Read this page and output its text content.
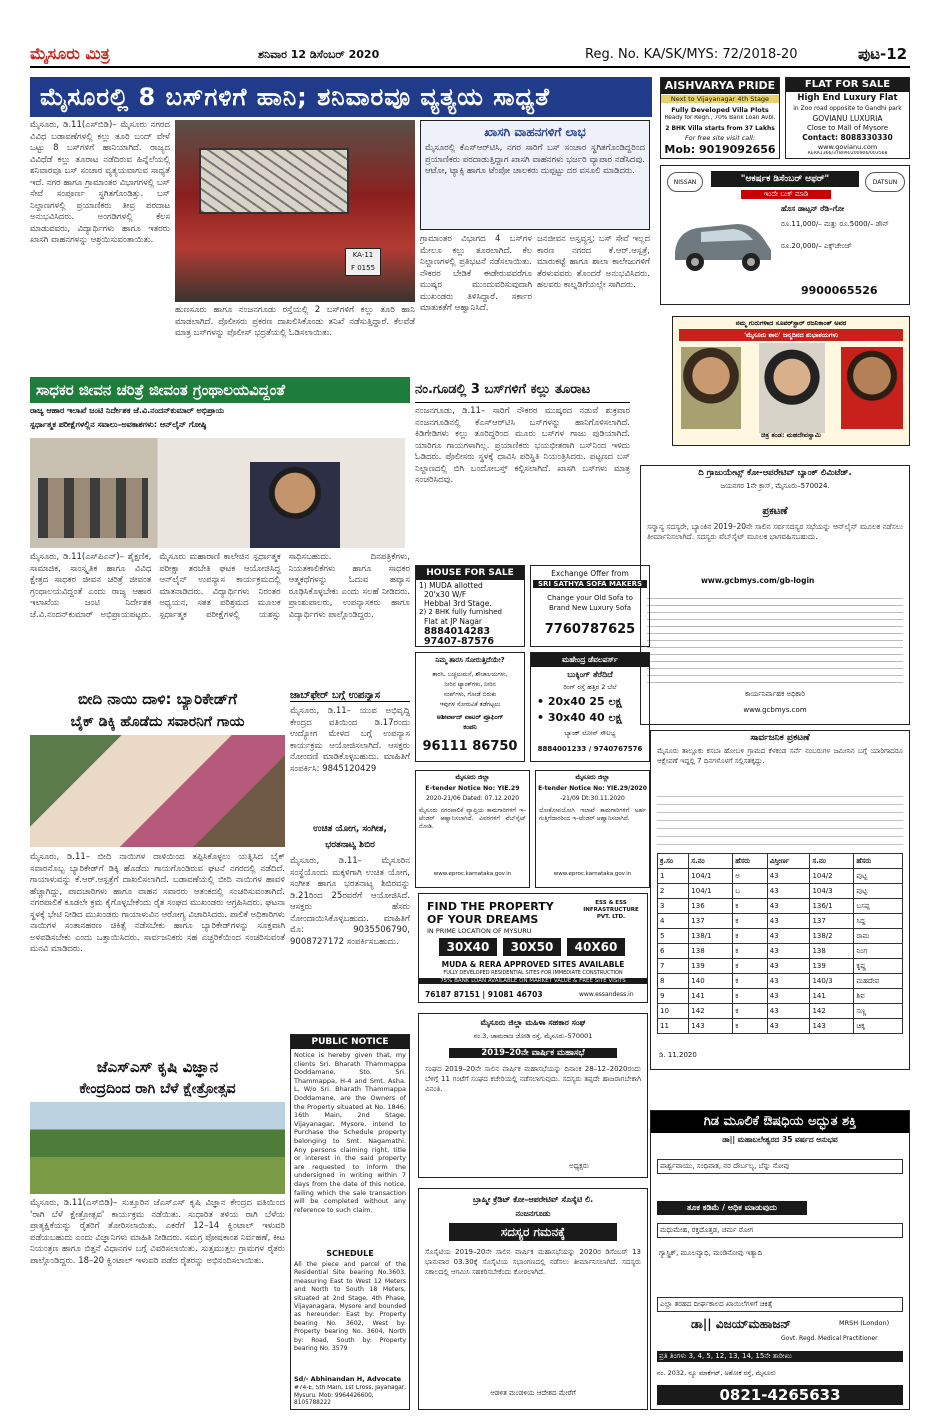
ಮೈಸೂರು ಮಿತ್ರ	ಶನಿವಾರ 12 ಡಿಸೆಂಬರ್ 2020	Reg. No. KA/SK/MYS: 72/2018-20	ಪುಟ-12
ಮೈಸೂರಲ್ಲಿ 8 ಬಸ್‌ಗಳಿಗೆ ಹಾನಿ; ಶನಿವಾರವೂ ವ್ಯತ್ಯಯ ಸಾಧ್ಯತೆ

ಮೈಸೂರು, ಡಿ.11(ಎಸ್‌ಬಿಡಿ)– ಮೈಸೂರು ನಗರದ ವಿವಿಧ ಬಡಾವಣೆಗಳಲ್ಲಿ ಕಲ್ಲು ತೂರಿ ಬಂದ್ ವೇಳೆ ಒಟ್ಟು 8 ಬಸ್‌ಗಳಿಗೆ ಹಾನಿಯಾಗಿದೆ. ರಾಜ್ಯದ ವಿವಿಧೆಡೆ ಕಲ್ಲು ತೂರಾಟ ನಡೆದಿರುವ ಹಿನ್ನೆಲೆಯಲ್ಲಿ ಶನಿವಾರವೂ ಬಸ್ ಸಂಚಾರ ವ್ಯತ್ಯಯವಾಗುವ ಸಾಧ್ಯತೆ ಇದೆ. ನಗರ ಹಾಗೂ ಗ್ರಾಮಾಂತರ ವಿಭಾಗಗಳಲ್ಲಿ ಬಸ್ ಸೇವೆ ಸಂಪೂರ್ಣ ಸ್ಥಗಿತಗೊಂಡಿತ್ತು. ಬಸ್ ನಿಲ್ದಾಣಗಳಲ್ಲಿ ಪ್ರಯಾಣಿಕರು ತೀವ್ರ ಪರದಾಟ ಅನುಭವಿಸಿದರು. ಅಂಗಡಿಗಳಲ್ಲಿ ಕೆಲಸ ಮಾಡುವವರು, ವಿದ್ಯಾರ್ಥಿಗಳು ಹಾಗೂ ಇತರರು ಖಾಸಗಿ ವಾಹನಗಳನ್ನು ಆಶ್ರಯಿಸುವಂತಾಯಿತು.

KA-11
F 0155

ಹುಣಸೂರು ಹಾಗೂ ನಂಜನಗೂಡು ರಸ್ತೆಯಲ್ಲಿ 2 ಬಸ್‌ಗಳಿಗೆ ಕಲ್ಲು ತೂರಿ ಹಾನಿ ಮಾಡಲಾಗಿದೆ. ಪೊಲೀಸರು ಪ್ರಕರಣ ದಾಖಲಿಸಿಕೊಂಡು ತನಿಖೆ ನಡೆಸುತ್ತಿದ್ದಾರೆ. ಕೆಲವೆಡೆ ಮಾತ್ರ ಬಸ್‌ಗಳನ್ನು ಪೊಲೀಸ್ ಭದ್ರತೆಯಲ್ಲಿ ಓಡಿಸಲಾಯಿತು.

ಖಾಸಗಿ ವಾಹನಗಳಿಗೆ ಲಾಭ
ಮೈಸೂರಲ್ಲಿ ಕೆಎಸ್‌ಆರ್‌ಟಿಸಿ, ನಗರ ಸಾರಿಗೆ ಬಸ್ ಸಂಚಾರ ಸ್ಥಗಿತಗೊಂಡಿದ್ದರಿಂದ ಪ್ರಯಾಣಿಕರು ಪರದಾಡುತ್ತಿದ್ದಾಗ ಖಾಸಗಿ ವಾಹನಗಳು ಭರ್ಜರಿ ವ್ಯಾಪಾರ ನಡೆಸಿದವು. ಆಟೋ, ಟ್ಯಾಕ್ಸಿ ಹಾಗೂ ಟೆಂಪೋ ಚಾಲಕರು ದುಪ್ಪಟ್ಟು ದರ ವಸೂಲಿ ಮಾಡಿದರು.

ಗ್ರಾಮಾಂತರ ವಿಭಾಗದ 4 ಬಸ್‌ಗಳ ಮೇಲೂ ಕಲ್ಲು ತೂರಲಾಗಿದೆ. ಕೆಲ ನಿಲ್ದಾಣಗಳಲ್ಲಿ ಪ್ರತಿಭಟನೆ ನಡೆಸಲಾಯಿತು. ನೌಕರರ ಬೇಡಿಕೆ ಈಡೇರುವವರೆಗೂ ಮುಷ್ಕರ ಮುಂದುವರಿಸುವುದಾಗಿ ಮುಖಂಡರು ತಿಳಿಸಿದ್ದಾರೆ. ಸರ್ಕಾರ ಮಾತುಕತೆಗೆ ಆಹ್ವಾನಿಸಿದೆ.

ಜನಜೀವನ ಅಸ್ತವ್ಯಸ್ತ: ಬಸ್ ಸೇವೆ ಇಲ್ಲದ ಕಾರಣ ನಗರದ ಕೆ.ಆರ್.ಆಸ್ಪತ್ರೆ, ಮಾರುಕಟ್ಟೆ ಹಾಗೂ ಶಾಲಾ ಕಾಲೇಜುಗಳಿಗೆ ತೆರಳುವವರು ತೊಂದರೆ ಅನುಭವಿಸಿದರು. ಹಲವರು ಕಾಲ್ನಡಿಗೆಯಲ್ಲೇ ಸಾಗಿದರು.

AISHVARYA PRIDE
Next to Vijayanagar 4th Stage
Fully Developed Villa Plots
Ready for Regn., 70% Bank Loan Avbl.
2 BHK Villa starts from 37 Lakhs
For free site visit call:
Mob: 9019092656
FLAT FOR SALE
High End Luxury Flat
in Zoo road opposite to Gandhi park
GOVIANU LUXURIA
Close to Mall of Mysore
Contact: 8088330330
www.govianu.com
RERA1366/378/PR/200906/003568
NISSAN	"ಆಕರ್ಷಕ ಡಿಸೆಂಬರ್ ಆಫರ್"	DATSUN
ಇಂದೇ ಬುಕ್ ಮಾಡಿ
ಹೊಸ ಡಾಟ್ಸನ್ ರೆಡಿ–ಗೋ
ರೂ.11,000/– ಮತ್ತು ರೂ.5000/– ಡೌನ್
ರೂ.20,000/– ಎಕ್ಸ್‌ಚೇಂಜ್
9900065526
ನಮ್ಮ ಗುರುಗಳಾದ ಸೂಪರ್‌ಸ್ಟಾರ್ ರಜನಿಕಾಂತ್ ಅವರ
'ಮೈಸೂರು ಶಾಲ' ಜನ್ಮದಿನದ ಶುಭಾಶಯಗಳು
ಚಿತ್ರ ತಂಡ: ಮಹದೇವಸ್ವಾಮಿ
ದಿ ಗ್ರಾಜುಯೇಟ್ಸ್ ಕೋ-ಆಪರೇಟಿವ್ ಬ್ಯಾಂಕ್ ಲಿಮಿಟೆಡ್.
ಜಯನಗರ 1ನೇ ಕ್ರಾಸ್, ಮೈಸೂರು–570024.
ಪ್ರಕಟಣೆ
ಸನ್ಮಾನ್ಯ ಸದಸ್ಯರೇ, ಬ್ಯಾಂಕಿನ 2019–20ನೇ ಸಾಲಿನ ಸರ್ವಸದಸ್ಯರ ಸಭೆಯನ್ನು ಆನ್‌ಲೈನ್ ಮೂಲಕ ನಡೆಸಲು ತೀರ್ಮಾನಿಸಲಾಗಿದೆ. ಸದಸ್ಯರು ವೆಬ್‌ಸೈಟ್ ಮೂಲಕ ಭಾಗವಹಿಸಬಹುದು.
www.gcbmys.com/gb-login
ಕಾರ್ಯನಿರ್ವಾಹಕ ಅಧಿಕಾರಿ
www.gcbmys.com
ಸಾರ್ವಜನಿಕ ಪ್ರಕಟಣೆ
ಮೈಸೂರು ತಾಲ್ಲೂಕು ಕಸಬಾ ಹೋಬಳಿ ಗ್ರಾಮದ ಕೆಳಕಂಡ ಸರ್ವೆ ನಂಬರುಗಳ ಜಮೀನಿನ ಬಗ್ಗೆ ಯಾರಿಗಾದರೂ ಆಕ್ಷೇಪಣೆ ಇದ್ದಲ್ಲಿ 7 ದಿನಗಳೊಳಗೆ ಸಲ್ಲಿಸತಕ್ಕದ್ದು.
ಕ್ರ.ಸಂ	ಸ.ನಂ	ಹೆಸರು	ವಿಸ್ತೀರ್ಣ	ಸ.ನಂ	ಹೆಸರು
1	104/1	ಅ	43	104/2	ಪುಟ್ಟ
2	104/1	ಬ	43	104/3	ಪುಟ್ಟ
3	136	ಕ	43	136/1	ಬಸಪ್ಪ
4	137	ಕ	43	137	ಸಿದ್ದ
5	138/1	ಕ	43	138/2	ರಾಮ
6	138	ಕ	43	138	ನಿಂಗ
7	139	ಕ	43	139	ಕೃಷ್ಣ
8	140	ಕ	43	140/3	ಮಹದೇವ
9	141	ಕ	43	141	ಶಿವ
10	142	ಕ	43	142	ಸಣ್ಣ
11	143	ಕ	43	143	ಚಿಕ್ಕ
ಡಿ. 11.2020
ಗಿಡ ಮೂಲಿಕೆ ಔಷಧಿಯ ಅದ್ಭುತ ಶಕ್ತಿ
ಡಾ|| ಮಹಾಬಲೇಶ್ವರದ 35 ವರ್ಷದ ಅನುಭವ
ಪಾರ್ಶ್ವವಾಯು, ಸಂಧಿವಾತ, ನರ ದೌರ್ಬಲ್ಯ, ಬೆನ್ನು ನೋವು
ತೂಕ ಕಡಿಮೆ / ಅಧಿಕ ಮಾಡುವುದು
ಮಧುಮೇಹ, ರಕ್ತದೊತ್ತಡ, ಚರ್ಮ ರೋಗ
ಗ್ಯಾಸ್ಟ್ರಿಕ್, ಮೂಲವ್ಯಾಧಿ, ಮಂಡಿನೋವು ಇತ್ಯಾದಿ
ಎಲ್ಲಾ ತರಹದ ದೀರ್ಘಕಾಲದ ಖಾಯಿಲೆಗಳಿಗೆ ಚಿಕಿತ್ಸೆ
ಡಾ|| ವಿಜಯ್‌ಮಹಾಜನ್	MRSH (London)
Govt. Regd. Medical Practitioner
ಪ್ರತಿ ತಿಂಗಳು 3, 4, 5, 12, 13, 14, 15ನೇ ತಾರೀಖು
ನಂ. 2032, ನ್ಯೂ ಮಾರ್ಕೆಟ್, ಅಶೋಕ ರಸ್ತೆ, ಮೈಸೂರು
0821-4265633
ಸಾಧಕರ ಜೀವನ ಚರಿತ್ರೆ ಜೀವಂತ ಗ್ರಂಥಾಲಯವಿದ್ದಂತೆ
ರಾಜ್ಯ ಆಹಾರ ಇಲಾಖೆ ಜಂಟಿ ನಿರ್ದೇಶಕ ಜೆ.ವಿ.ನಂದನ್‌ಕುಮಾರ್ ಅಭಿಪ್ರಾಯ
ಸ್ಪರ್ಧಾತ್ಮಕ ಪರೀಕ್ಷೆಗಳಲ್ಲಿನ ಸವಾಲು–ಅವಕಾಶಗಳು: ಆನ್‌ಲೈನ್ ಗೋಷ್ಠಿ
ಮೈಸೂರು, ಡಿ.11(ಎಸ್‌ಪಿಎನ್)– ಶೈಕ್ಷಣಿಕ, ಸಾಮಾಜಿಕ, ಸಾಂಸ್ಕೃತಿಕ ಹಾಗೂ ವಿವಿಧ ಕ್ಷೇತ್ರದ ಸಾಧಕರ ಜೀವನ ಚರಿತ್ರೆ ಜೀವಂತ ಗ್ರಂಥಾಲಯವಿದ್ದಂತೆ ಎಂದು ರಾಜ್ಯ ಆಹಾರ ಇಲಾಖೆಯ ಜಂಟಿ ನಿರ್ದೇಶಕ ಜೆ.ವಿ.ನಂದನ್‌ಕುಮಾರ್ ಅಭಿಪ್ರಾಯಪಟ್ಟರು. ಮೈಸೂರು ಮಹಾರಾಣಿ ಕಾಲೇಜಿನ ಸ್ಪರ್ಧಾತ್ಮಕ ಪರೀಕ್ಷಾ ತರಬೇತಿ ಘಟಕ ಆಯೋಜಿಸಿದ್ದ ಆನ್‌ಲೈನ್ ಉಪನ್ಯಾಸ ಕಾರ್ಯಕ್ರಮದಲ್ಲಿ ಮಾತನಾಡಿದರು. ವಿದ್ಯಾರ್ಥಿಗಳು ನಿರಂತರ ಅಧ್ಯಯನ, ಸತತ ಪರಿಶ್ರಮದ ಮೂಲಕ ಸ್ಪರ್ಧಾತ್ಮಕ ಪರೀಕ್ಷೆಗಳಲ್ಲಿ ಯಶಸ್ಸು ಸಾಧಿಸಬಹುದು. ದಿನಪತ್ರಿಕೆಗಳು, ನಿಯತಕಾಲಿಕೆಗಳು ಹಾಗೂ ಸಾಧಕರ ಆತ್ಮಕಥೆಗಳನ್ನು ಓದುವ ಹವ್ಯಾಸ ರೂಢಿಸಿಕೊಳ್ಳಬೇಕು ಎಂದು ಸಲಹೆ ನೀಡಿದರು. ಪ್ರಾಂಶುಪಾಲರು, ಉಪನ್ಯಾಸಕರು ಹಾಗೂ ವಿದ್ಯಾರ್ಥಿಗಳು ಪಾಲ್ಗೊಂಡಿದ್ದರು.
ನಂ.ಗೂಡಲ್ಲಿ 3 ಬಸ್‌ಗಳಿಗೆ ಕಲ್ಲು ತೂರಾಟ
ನಂಜನಗೂಡು, ಡಿ.11– ಸಾರಿಗೆ ನೌಕರರ ಮುಷ್ಕರದ ನಡುವೆ ಶುಕ್ರವಾರ ನಂಜನಗೂಡಿನಲ್ಲಿ ಕೆಎಸ್‌ಆರ್‌ಟಿಸಿ ಬಸ್‌ಗಳನ್ನು ಹಾನಿಗೊಳಿಸಲಾಗಿದೆ. ಕಿಡಿಗೇಡಿಗಳು ಕಲ್ಲು ತೂರಿದ್ದರಿಂದ ಮೂರು ಬಸ್‌ಗಳ ಗಾಜು ಪುಡಿಯಾಗಿದೆ. ಯಾರಿಗೂ ಗಾಯಗಳಾಗಿಲ್ಲ. ಪ್ರಯಾಣಿಕರು ಭಯಭೀತರಾಗಿ ಬಸ್‌ನಿಂದ ಇಳಿದು ಓಡಿದರು. ಪೊಲೀಸರು ಸ್ಥಳಕ್ಕೆ ಧಾವಿಸಿ ಪರಿಸ್ಥಿತಿ ನಿಯಂತ್ರಿಸಿದರು. ಪಟ್ಟಣದ ಬಸ್ ನಿಲ್ದಾಣದಲ್ಲಿ ಬಿಗಿ ಬಂದೋಬಸ್ತ್ ಕಲ್ಪಿಸಲಾಗಿದೆ. ಖಾಸಗಿ ಬಸ್‌ಗಳು ಮಾತ್ರ ಸಂಚರಿಸಿದವು.
HOUSE FOR SALE
1) MUDA allotted
20'x30 W/F
Hebbal 3rd Stage.
2) 2 BHK fully furnished
Flat at JP Nagar
8884014283
97407-87576
Exchange Offer from
SRI SATHYA SOFA MAKERS
Change your Old Sofa to
Brand New Luxury Sofa
7760787625
ನಿಮ್ಮ ತಾರಸಿ ಸೋರುತ್ತಿದೆಯೇ?
ತಾರಸಿ, ಬಚ್ಚಲುಮನೆ, ಶೌಚಾಲಯಗಳು,
ನೀರಿನ ಟ್ಯಾಂಕ್‌ಗಳು, ನೀರಿನ
ಸಂಪ್‌ಗಳು, ಗೋಡೆ ಬಿರುಕು
ಇವುಗಳ ಸೋರುವಿಕೆ ತಡೆಗಟ್ಟಲು
ಅಶೀರ್ವಾದ್ ವಾಟರ್ ಪ್ರೂಫಿಂಗ್
ಕಂಪನಿ
96111 86750
ಮಹೇಂದ್ರ ಡೆವಲಪರ್ಸ್
ಬುಕ್ಕಿಂಗ್ ತೆರೆದಿದೆ
ರಿಂಗ್ ರಸ್ತೆ ಹತ್ತಿರ 2 ಬೆಲೆ
• 20x40 25 ಲಕ್ಷ
• 30x40 40 ಲಕ್ಷ
ಬ್ಯಾಂಕ್ ಲೋನ್ ಸೌಲಭ್ಯ
8884001233 / 9740767576
ಬೀದಿ ನಾಯಿ ದಾಳಿ: ಬ್ಯಾರಿಕೇಡ್‌ಗೆ
ಬೈಕ್ ಡಿಕ್ಕಿ ಹೊಡೆದು ಸವಾರನಿಗೆ ಗಾಯ
ಮೈಸೂರು, ಡಿ.11– ಬೀದಿ ನಾಯಿಗಳ ದಾಳಿಯಿಂದ ತಪ್ಪಿಸಿಕೊಳ್ಳಲು ಯತ್ನಿಸಿದ ಬೈಕ್ ಸವಾರನೊಬ್ಬ ಬ್ಯಾರಿಕೇಡ್‌ಗೆ ಡಿಕ್ಕಿ ಹೊಡೆದು ಗಾಯಗೊಂಡಿರುವ ಘಟನೆ ನಗರದಲ್ಲಿ ನಡೆದಿದೆ. ಗಾಯಾಳುವನ್ನು ಕೆ.ಆರ್.ಆಸ್ಪತ್ರೆಗೆ ದಾಖಲಿಸಲಾಗಿದೆ. ಬಡಾವಣೆಯಲ್ಲಿ ಬೀದಿ ನಾಯಿಗಳ ಹಾವಳಿ ಹೆಚ್ಚಾಗಿದ್ದು, ಪಾದಚಾರಿಗಳು ಹಾಗೂ ವಾಹನ ಸವಾರರು ಆತಂಕದಲ್ಲಿ ಸಂಚರಿಸುವಂತಾಗಿದೆ. ನಗರಪಾಲಿಕೆ ಕೂಡಲೇ ಕ್ರಮ ಕೈಗೊಳ್ಳಬೇಕೆಂದು ರೈತ ಸಂಘದ ಮುಖಂಡರು ಆಗ್ರಹಿಸಿದರು. ಘಟನಾ ಸ್ಥಳಕ್ಕೆ ಭೇಟಿ ನೀಡಿದ ಮುಖಂಡರು ಗಾಯಾಳುವಿನ ಆರೋಗ್ಯ ವಿಚಾರಿಸಿದರು. ಪಾಲಿಕೆ ಅಧಿಕಾರಿಗಳು ನಾಯಿಗಳ ಸಂತಾನಹರಣ ಚಿಕಿತ್ಸೆ ನಡೆಸಬೇಕು ಹಾಗೂ ಬ್ಯಾರಿಕೇಡ್‌ಗಳನ್ನು ಸೂಕ್ತವಾಗಿ ಅಳವಡಿಸಬೇಕು ಎಂದು ಒತ್ತಾಯಿಸಿದರು. ಸಾರ್ವಜನಿಕರು ಸಹ ಎಚ್ಚರಿಕೆಯಿಂದ ಸಂಚರಿಸುವಂತೆ ಮನವಿ ಮಾಡಿದರು.
ಜೆಎಸ್‌ಎಸ್ ಕೃಷಿ ವಿಜ್ಞಾನ
ಕೇಂದ್ರದಿಂದ ರಾಗಿ ಬೆಳೆ ಕ್ಷೇತ್ರೋತ್ಸವ
ಮೈಸೂರು, ಡಿ.11(ಎಸ್‌ಬಿಡಿ)– ಸುತ್ತೂರಿನ ಜೆಎಸ್‌ಎಸ್ ಕೃಷಿ ವಿಜ್ಞಾನ ಕೇಂದ್ರದ ವತಿಯಿಂದ 'ರಾಗಿ ಬೆಳೆ ಕ್ಷೇತ್ರೋತ್ಸವ' ಕಾರ್ಯಕ್ರಮ ನಡೆಯಿತು. ಸುಧಾರಿತ ತಳಿಯ ರಾಗಿ ಬೆಳೆಯ ಪ್ರಾತ್ಯಕ್ಷಿಕೆಯನ್ನು ರೈತರಿಗೆ ತೋರಿಸಲಾಯಿತು. ಎಕರೆಗೆ 12–14 ಕ್ವಿಂಟಾಲ್ ಇಳುವರಿ ಪಡೆಯಬಹುದು ಎಂದು ವಿಜ್ಞಾನಿಗಳು ಮಾಹಿತಿ ನೀಡಿದರು. ಸಮಗ್ರ ಪೋಷಕಾಂಶ ನಿರ್ವಹಣೆ, ಕೀಟ ನಿಯಂತ್ರಣ ಹಾಗೂ ಬಿತ್ತನೆ ವಿಧಾನಗಳ ಬಗ್ಗೆ ವಿವರಿಸಲಾಯಿತು. ಸುತ್ತಮುತ್ತಲ ಗ್ರಾಮಗಳ ರೈತರು ಪಾಲ್ಗೊಂಡಿದ್ದರು. 18–20 ಕ್ವಿಂಟಾಲ್ ಇಳುವರಿ ಪಡೆದ ರೈತರನ್ನು ಅಭಿನಂದಿಸಲಾಯಿತು.
ಜಾಬ್‌ಫೇರ್ ಬಗ್ಗೆ ಉಪನ್ಯಾಸ
ಮೈಸೂರು, ಡಿ.11– ಯುವ ಅಭಿವೃದ್ಧಿ ಕೇಂದ್ರದ ವತಿಯಿಂದ ಡಿ.17ರಂದು ಉದ್ಯೋಗ ಮೇಳದ ಬಗ್ಗೆ ಉಪನ್ಯಾಸ ಕಾರ್ಯಕ್ರಮ ಆಯೋಜಿಸಲಾಗಿದೆ. ಆಸಕ್ತರು ನೋಂದಣಿ ಮಾಡಿಕೊಳ್ಳಬಹುದು. ಮಾಹಿತಿಗೆ ಸಂಪರ್ಕಿಸಿ: 9845120429
ಉಚಿತ ಯೋಗ, ಸಂಗೀತ,
ಭರತನಾಟ್ಯ ಶಿಬಿರ
ಮೈಸೂರು, ಡಿ.11– ಮೈಸೂರಿನ ಸಂಸ್ಥೆಯೊಂದು ಮಕ್ಕಳಿಗಾಗಿ ಉಚಿತ ಯೋಗ, ಸಂಗೀತ ಹಾಗೂ ಭರತನಾಟ್ಯ ಶಿಬಿರವನ್ನು ಡಿ.21ರಿಂದ 25ರವರೆಗೆ ಆಯೋಜಿಸಿದೆ. ಆಸಕ್ತರು ಹೆಸರು ನೋಂದಾಯಿಸಿಕೊಳ್ಳಬಹುದು. ಮಾಹಿತಿಗೆ ಮೊ: 9035506790, 9008727172 ಸಂಪರ್ಕಿಸಬಹುದು.
PUBLIC NOTICE
Notice is hereby given that, my clients Sri. Bharath Thammappa Doddamane, Sto. Sri. Thammappa, H-4 and Smt. Asha. L, W/o Sri. Bharath Thammappa Doddamane, are the Owners of the Property situated at No. 1846, 16th Main, 2nd Stage, Vijayanagar, Mysore, intend to Purchase the Schedule property belonging to Smt. Nagamathi. Any persons claiming right, title or interest in the said property are requested to inform the undersigned in writing within 7 days from the date of this notice, failing which the sale transaction will be completed without any reference to such claim.
SCHEDULE
All the piece and parcel of the Residential Site bearing No.3603, measuring East to West 12 Meters and North to South 18 Meters, situated at 2nd Stage, 4th Phase, Vijayanagara, Mysore and bounded as hereunder: East by: Property bearing No. 3602, West by: Property bearing No. 3604, North by: Road, South by: Property bearing No. 3579
Sd/- Abhinandan H, Advocate
#74-E, 5th Main, 1st Cross, Jayanagar, Mysuru. Mob: 9964426600, 8105788222
ಮೈಸೂರು ಜಿಲ್ಲಾ
E-tender Notice No: YIE.29
2020-21/06 Dated: 07.12.2020
ಮೈಸೂರು ನಗರಪಾಲಿಕೆ ವ್ಯಾಪ್ತಿಯ ಕಾಮಗಾರಿಗಳಿಗೆ ಇ–ಟೆಂಡರ್ ಆಹ್ವಾನಿಸಲಾಗಿದೆ. ವಿವರಗಳಿಗೆ ವೆಬ್‌ಸೈಟ್ ನೋಡಿ.
www.eproc.karnataka.gov.in
ಮೈಸೂರು ಜಿಲ್ಲಾ
E-tender Notice No: YIE.29/2020
-21/09 Dt:30.11.2020
ಲೋಕೋಪಯೋಗಿ ಇಲಾಖೆ ಕಾಮಗಾರಿಗಳಿಗೆ ಅರ್ಹ ಗುತ್ತಿಗೆದಾರರಿಂದ ಇ–ಟೆಂಡರ್ ಆಹ್ವಾನಿಸಲಾಗಿದೆ.
www.eproc.karnataka.gov.in
FIND THE PROPERTY
OF YOUR DREAMS
IN PRIME LOCATION OF MYSURU
ESS & ESS INFRASTRUCTURE PVT. LTD.
30X40	30X50	40X60
MUDA & RERA APPROVED SITES AVAILABLE
FULLY DEVELOPED RESIDENTIAL SITES FOR IMMEDIATE CONSTRUCTION
75% BANK LOAN AVAILABLE ON MARKET VALUE & FREE SITE VISITS
76187 87151 | 91081 46703	www.essandess.in
ಮೈಸೂರು ಜಿಲ್ಲಾ ಮಹಿಳಾ ಸಹಕಾರ ಸಂಘ
ನಂ.3, ಚಾಮರಾಜ ಜೋಡಿ ರಸ್ತೆ, ಮೈಸೂರು–570001
2019–20ನೇ ವಾರ್ಷಿಕ ಮಹಾಸಭೆ
ಸಂಘದ 2019–20ನೇ ಸಾಲಿನ ವಾರ್ಷಿಕ ಮಹಾಸಭೆಯನ್ನು ದಿನಾಂಕ 28–12–2020ರಂದು ಬೆಳಿಗ್ಗೆ 11 ಗಂಟೆಗೆ ಸಂಘದ ಕಚೇರಿಯಲ್ಲಿ ನಡೆಸಲಾಗುವುದು. ಸದಸ್ಯರು ತಪ್ಪದೇ ಹಾಜರಾಗಬೇಕಾಗಿ ವಿನಂತಿ.
ಅಧ್ಯಕ್ಷರು
ಬ್ರಾಹ್ಮೀ ಕ್ರೆಡಿಟ್ ಕೋ–ಆಪರೇಟಿವ್ ಸೊಸೈಟಿ ಲಿ.
ನಂಜನಗೂಡು
ಸದಸ್ಯರ ಗಮನಕ್ಕೆ
ಸೊಸೈಟಿಯ 2019–20ನೇ ಸಾಲಿನ ವಾರ್ಷಿಕ ಮಹಾಸಭೆಯನ್ನು 2020ರ ಡಿಸೆಂಬರ್ 13 ಭಾನುವಾರ 03.30ಕ್ಕೆ ಸೊಸೈಟಿಯ ಸಭಾಂಗಣದಲ್ಲಿ ನಡೆಸಲು ತೀರ್ಮಾನಿಸಲಾಗಿದೆ. ಸದಸ್ಯರು ಸಕಾಲದಲ್ಲಿ ಆಗಮಿಸಿ ಸಹಕರಿಸಬೇಕೆಂದು ಕೋರಲಾಗಿದೆ.
ಆಡಳಿತ ಮಂಡಳಿಯ ಆದೇಶದ ಮೇರೆಗೆ
